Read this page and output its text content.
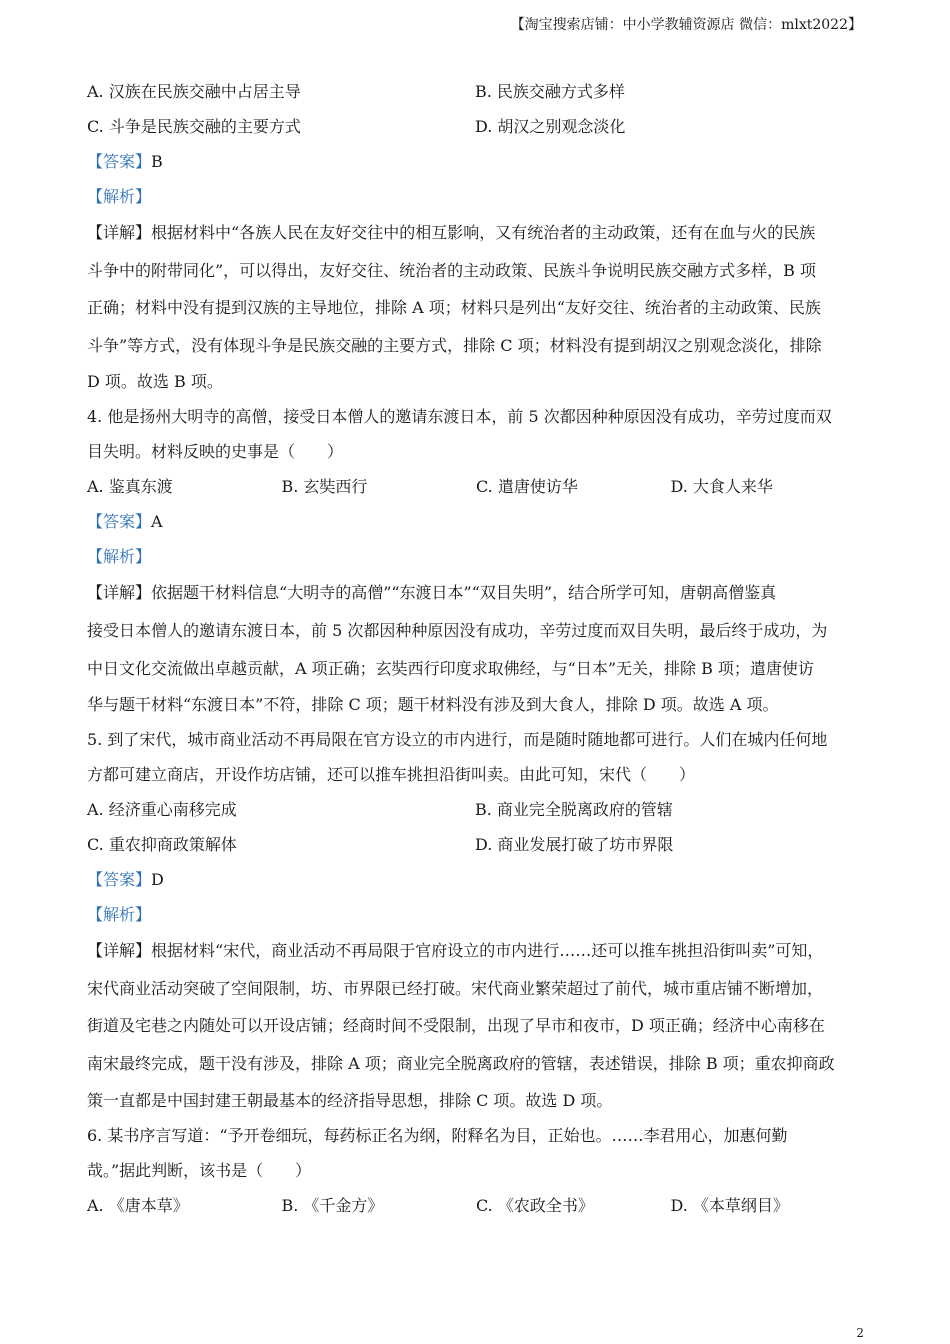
【淘宝搜索店铺：中小学教辅资源店 微信：mlxt2022】
A. 汉族在民族交融中占居主导	B. 民族交融方式多样
C. 斗争是民族交融的主要方式	D. 胡汉之别观念淡化
【答案】B
【解析】
【详解】根据材料中“各族人民在友好交往中的相互影响，又有统治者的主动政策，还有在血与火的民族
斗争中的附带同化”，可以得出，友好交往、统治者的主动政策、民族斗争说明民族交融方式多样，B 项
正确；材料中没有提到汉族的主导地位，排除 A 项；材料只是列出“友好交往、统治者的主动政策、民族
斗争”等方式，没有体现斗争是民族交融的主要方式，排除 C 项；材料没有提到胡汉之别观念淡化，排除
D 项。故选 B 项。
4. 他是扬州大明寺的高僧，接受日本僧人的邀请东渡日本，前 5 次都因种种原因没有成功，辛劳过度而双
目失明。材料反映的史事是（　　）
A. 鉴真东渡	B. 玄奘西行	C. 遣唐使访华	D. 大食人来华
【答案】A
【解析】
【详解】依据题干材料信息“大明寺的高僧”“东渡日本”“双目失明”，结合所学可知，唐朝高僧鉴真
接受日本僧人的邀请东渡日本，前 5 次都因种种原因没有成功，辛劳过度而双目失明，最后终于成功，为
中日文化交流做出卓越贡献，A 项正确；玄奘西行印度求取佛经，与“日本”无关，排除 B 项；遣唐使访
华与题干材料“东渡日本”不符，排除 C 项；题干材料没有涉及到大食人，排除 D 项。故选 A 项。
5. 到了宋代，城市商业活动不再局限在官方设立的市内进行，而是随时随地都可进行。人们在城内任何地
方都可建立商店，开设作坊店铺，还可以推车挑担沿街叫卖。由此可知，宋代（　　）
A. 经济重心南移完成	B. 商业完全脱离政府的管辖
C. 重农抑商政策解体	D. 商业发展打破了坊市界限
【答案】D
【解析】
【详解】根据材料“宋代，商业活动不再局限于官府设立的市内进行……还可以推车挑担沿街叫卖”可知，
宋代商业活动突破了空间限制，坊、市界限已经打破。宋代商业繁荣超过了前代，城市重店铺不断增加，
街道及宅巷之内随处可以开设店铺；经商时间不受限制，出现了早市和夜市，D 项正确；经济中心南移在
南宋最终完成，题干没有涉及，排除 A 项；商业完全脱离政府的管辖，表述错误，排除 B 项；重农抑商政
策一直都是中国封建王朝最基本的经济指导思想，排除 C 项。故选 D 项。
6. 某书序言写道：“予开卷细玩，每药标正名为纲，附释名为目，正始也。……李君用心，加惠何勤
哉。”据此判断，该书是（　　）
A. 《唐本草》	B. 《千金方》	C. 《农政全书》	D. 《本草纲目》
2
